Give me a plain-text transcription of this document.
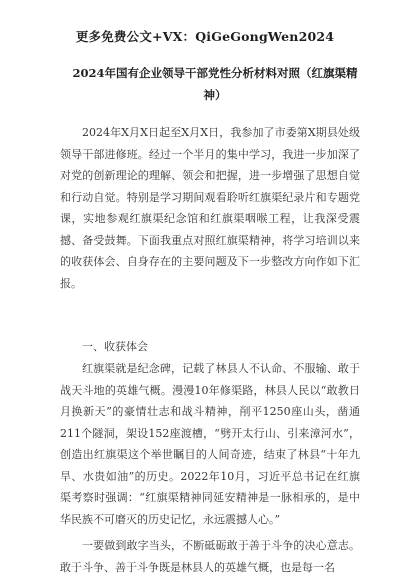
更多免费公文+VX：QiGeGongWen2024
2024年国有企业领导干部党性分析材料对照（红旗渠精神）

2024年X月X日起至X月X日，我参加了市委第X期县处级领导干部进修班。经过一个半月的集中学习，我进一步加深了对党的创新理论的理解、领会和把握，进一步增强了思想自觉和行动自觉。特别是学习期间观看聆听红旗渠纪录片和专题党课，实地参观红旗渠纪念馆和红旗渠咽喉工程，让我深受震撼、备受鼓舞。下面我重点对照红旗渠精神，将学习培训以来的收获体会、自身存在的主要问题及下一步整改方向作如下汇报。

一、收获体会

红旗渠就是纪念碑，记载了林县人不认命、不服输、敢于战天斗地的英雄气概。漫漫10年修渠路，林县人民以“敢教日月换新天”的豪情壮志和战斗精神，削平1250座山头，凿通211个隧洞，架设152座渡槽，“劈开太行山、引来漳河水”，创造出红旗渠这个举世瞩目的人间奇迹，结束了林县“十年九旱、水贵如油”的历史。2022年10月，习近平总书记在红旗渠考察时强调：“红旗渠精神同延安精神是一脉相承的，是中华民族不可磨灭的历史记忆，永远震撼人心。”

一要做到敢字当头，不断砥砺敢于善于斗争的决心意志。敢于斗争、善于斗争既是林县人的英雄气概，也是每一名
